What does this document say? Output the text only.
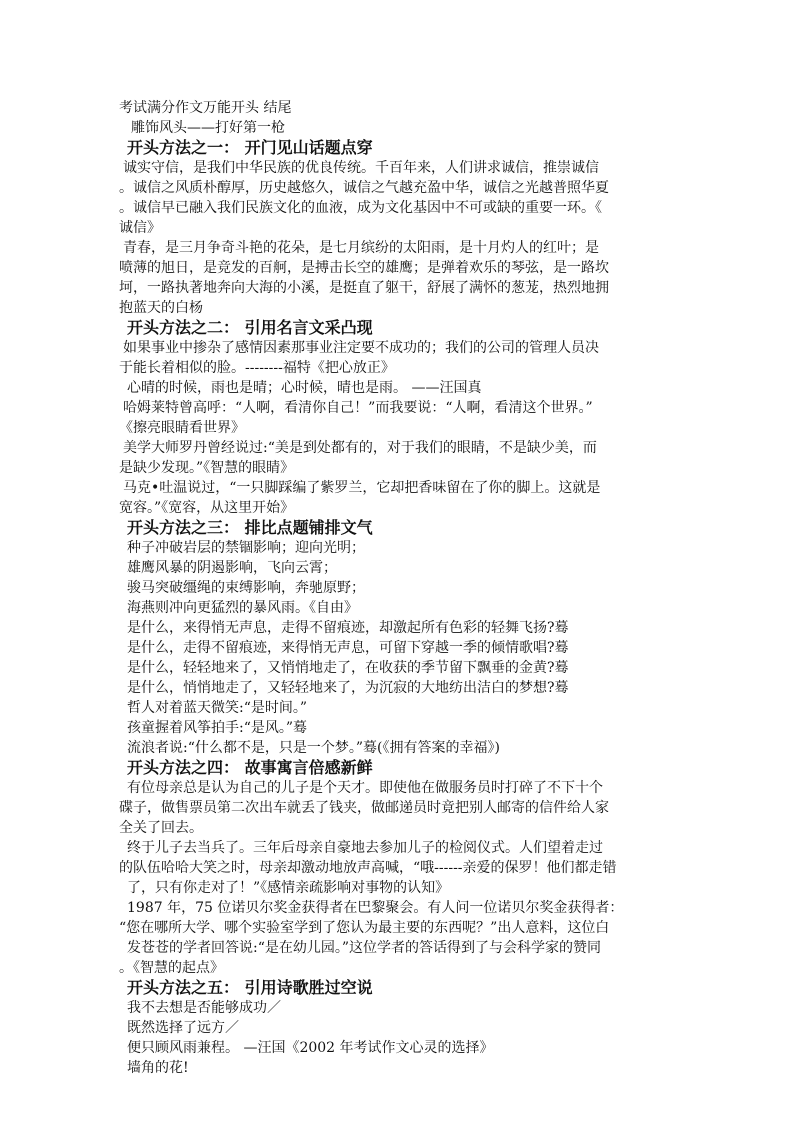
考试满分作文万能开头 结尾
雕饰风头——打好第一枪
开头方法之一： 开门见山话题点穿
诚实守信，是我们中华民族的优良传统。千百年来，人们讲求诚信，推崇诚信
。诚信之风质朴醇厚，历史越悠久，诚信之气越充盈中华，诚信之光越普照华夏
。诚信早已融入我们民族文化的血液，成为文化基因中不可或缺的重要一环。《
诚信》
青春，是三月争奇斗艳的花朵，是七月缤纷的太阳雨，是十月灼人的红叶；是
喷薄的旭日，是竞发的百舸，是搏击长空的雄鹰；是弹着欢乐的琴弦，是一路坎
坷，一路执著地奔向大海的小溪，是挺直了躯干，舒展了满怀的葱茏，热烈地拥
抱蓝天的白杨
开头方法之二： 引用名言文采凸现
如果事业中掺杂了感情因素那事业注定要不成功的；我们的公司的管理人员决
于能长着相似的脸。--------福特《把心放正》
心晴的时候，雨也是晴；心时候，晴也是雨。 ——汪国真
哈姆莱特曾高呼：“人啊，看清你自己！”而我要说：“人啊，看清这个世界。”
《擦亮眼睛看世界》
美学大师罗丹曾经说过:“美是到处都有的，对于我们的眼睛，不是缺少美，而
是缺少发现。”《智慧的眼睛》
马克•吐温说过，“一只脚踩编了紫罗兰，它却把香味留在了你的脚上。这就是
宽容。”《宽容，从这里开始》
开头方法之三： 排比点题铺排文气
种子冲破岩层的禁锢影响；迎向光明；
雄鹰风暴的阴遏影响，飞向云霄；
骏马突破缰绳的束缚影响，奔驰原野；
海燕则冲向更猛烈的暴风雨。《自由》
是什么，来得悄无声息，走得不留痕迹，却激起所有色彩的轻舞飞扬?蓦
是什么，走得不留痕迹，来得悄无声息，可留下穿越一季的倾情歌唱?蓦
是什么，轻轻地来了，又悄悄地走了，在收获的季节留下飘垂的金黄?蓦
是什么，悄悄地走了，又轻轻地来了，为沉寂的大地纺出洁白的梦想?蓦
哲人对着蓝天微笑:“是时间。”
孩童握着风筝拍手:“是风。”蓦
流浪者说:“什么都不是，只是一个梦。”蓦(《拥有答案的幸福》)
开头方法之四： 故事寓言倍感新鲜
有位母亲总是认为自己的儿子是个天才。即使他在做服务员时打碎了不下十个
碟子，做售票员第二次出车就丢了钱夹，做邮递员时竟把别人邮寄的信件给人家
全关了回去。
终于儿子去当兵了。三年后母亲自豪地去参加儿子的检阅仪式。人们望着走过
的队伍哈哈大笑之时，母亲却激动地放声高喊，“哦------亲爱的保罗！他们都走错
了，只有你走对了！”《感情亲疏影响对事物的认知》
1987 年，75 位诺贝尔奖金获得者在巴黎聚会。有人问一位诺贝尔奖金获得者：
“您在哪所大学、哪个实验室学到了您认为最主要的东西呢？”出人意料，这位白
发苍苍的学者回答说:“是在幼儿园。”这位学者的答话得到了与会科学家的赞同
。《智慧的起点》
开头方法之五： 引用诗歌胜过空说
我不去想是否能够成功／
既然选择了远方／
便只顾风雨兼程。 —汪国《2002 年考试作文心灵的选择》
墙角的花!
